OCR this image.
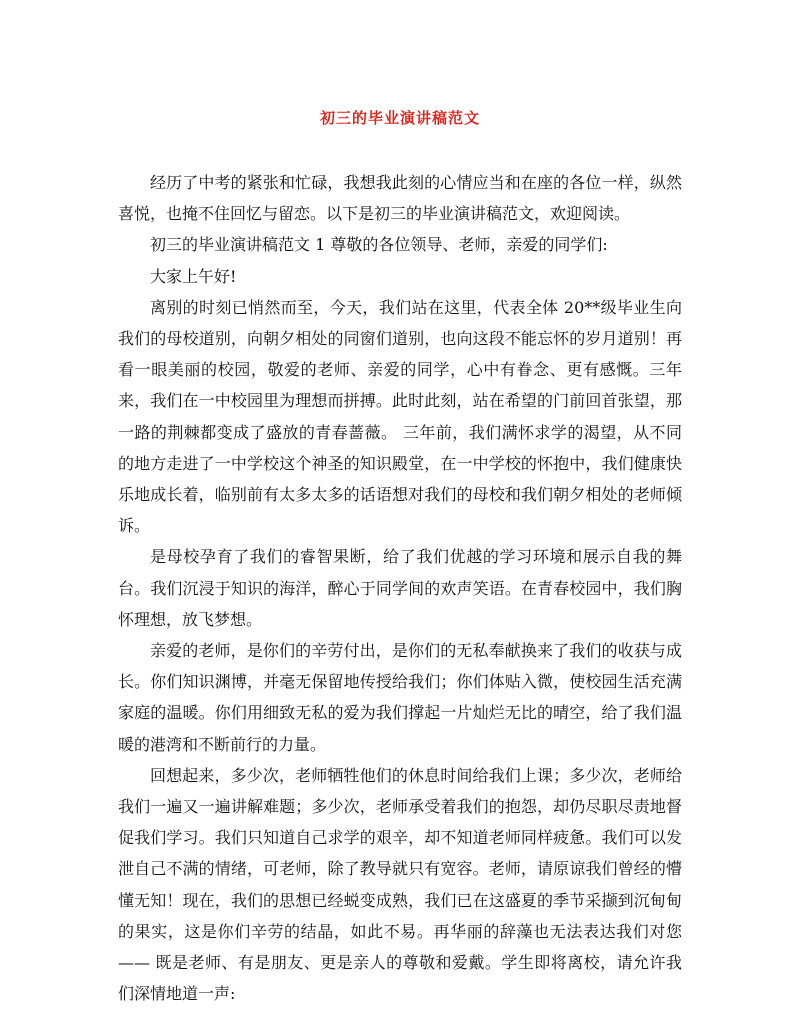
初三的毕业演讲稿范文

经历了中考的紧张和忙碌，我想我此刻的心情应当和在座的各位一样，纵然喜悦，也掩不住回忆与留恋。以下是初三的毕业演讲稿范文，欢迎阅读。

初三的毕业演讲稿范文 1 尊敬的各位领导、老师，亲爱的同学们:

大家上午好!

离别的时刻已悄然而至，今天，我们站在这里，代表全体 20**级毕业生向我们的母校道别，向朝夕相处的同窗们道别，也向这段不能忘怀的岁月道别！再看一眼美丽的校园，敬爱的老师、亲爱的同学，心中有眷念、更有感慨。三年来，我们在一中校园里为理想而拼搏。此时此刻，站在希望的门前回首张望，那一路的荆棘都变成了盛放的青春蔷薇。 三年前，我们满怀求学的渴望，从不同的地方走进了一中学校这个神圣的知识殿堂，在一中学校的怀抱中，我们健康快乐地成长着，临别前有太多太多的话语想对我们的母校和我们朝夕相处的老师倾诉。

是母校孕育了我们的睿智果断，给了我们优越的学习环境和展示自我的舞台。我们沉浸于知识的海洋，醉心于同学间的欢声笑语。在青春校园中，我们胸怀理想，放飞梦想。

亲爱的老师，是你们的辛劳付出，是你们的无私奉献换来了我们的收获与成长。你们知识渊博，并毫无保留地传授给我们；你们体贴入微，使校园生活充满家庭的温暖。你们用细致无私的爱为我们撑起一片灿烂无比的晴空，给了我们温暖的港湾和不断前行的力量。

回想起来，多少次，老师牺牲他们的休息时间给我们上课；多少次，老师给我们一遍又一遍讲解难题；多少次，老师承受着我们的抱怨，却仍尽职尽责地督促我们学习。我们只知道自己求学的艰辛，却不知道老师同样疲惫。我们可以发泄自己不满的情绪，可老师，除了教导就只有宽容。老师，请原谅我们曾经的懵懂无知！现在，我们的思想已经蜕变成熟，我们已在这盛夏的季节采撷到沉甸甸的果实，这是你们辛劳的结晶，如此不易。再华丽的辞藻也无法表达我们对您—— 既是老师、有是朋友、更是亲人的尊敬和爱戴。学生即将离校，请允许我们深情地道一声:
